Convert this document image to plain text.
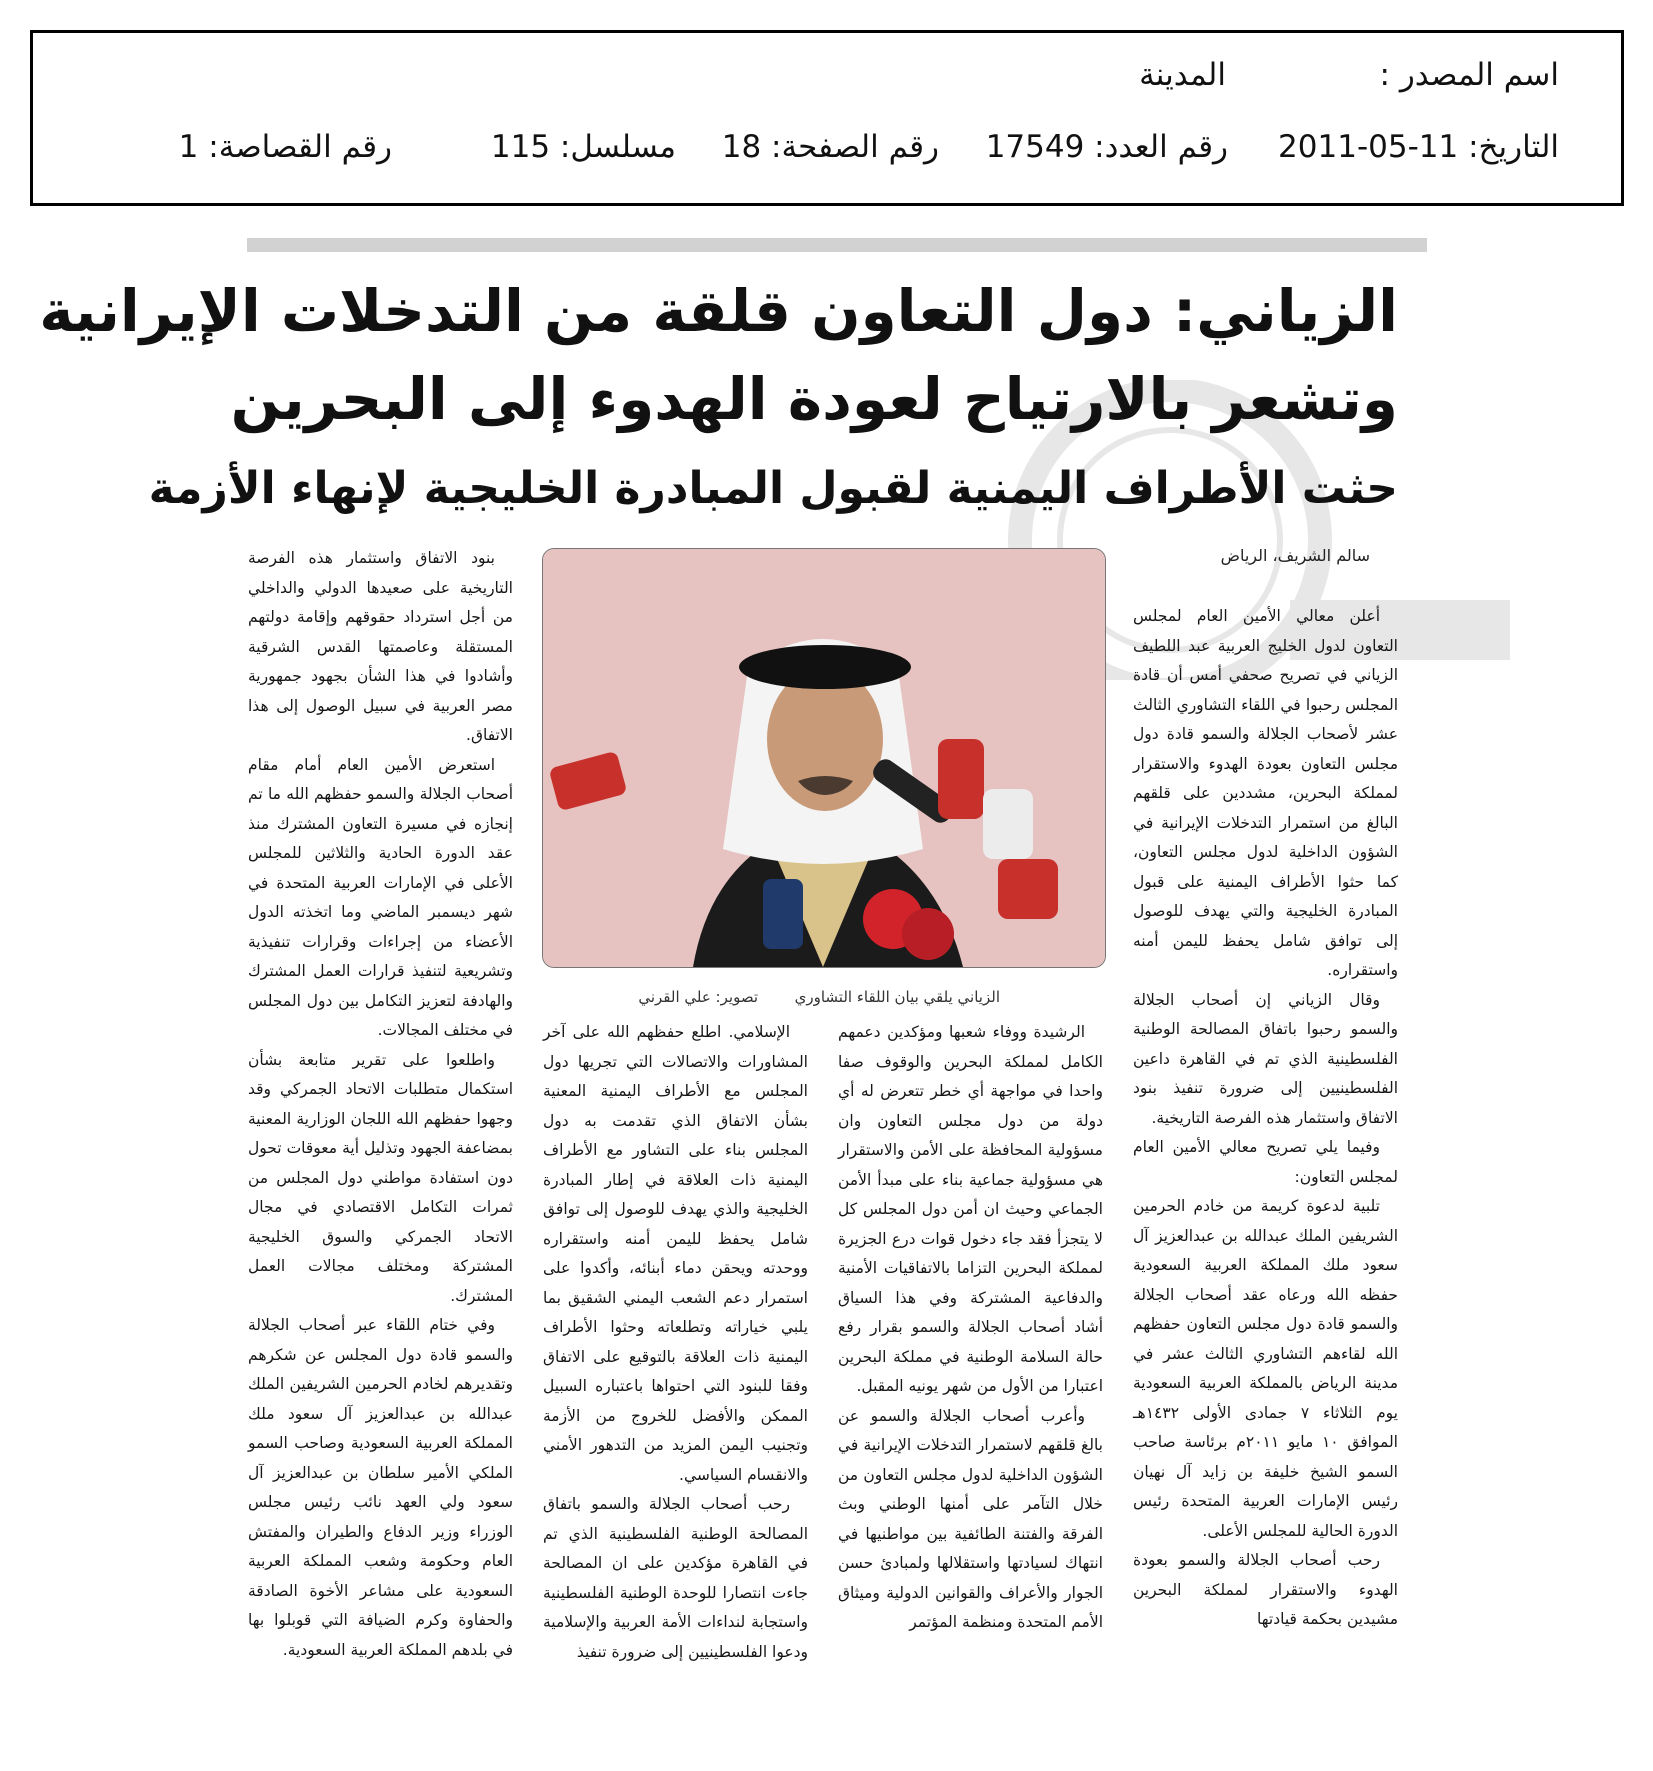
اسم المصدر :
المدينة
التاريخ: 11-05-2011
رقم العدد: 17549
رقم الصفحة: 18
مسلسل: 115
رقم القصاصة: 1
الزياني: دول التعاون قلقة من التدخلات الإيرانية
وتشعر بالارتياح لعودة الهدوء إلى البحرين
حثت الأطراف اليمنية لقبول المبادرة الخليجية لإنهاء الأزمة
سالم الشريف، الرياض
الزياني يلقي بيان اللقاء التشاوري
تصوير: علي القرني

أعلن معالي الأمين العام لمجلس التعاون لدول الخليج العربية عبد اللطيف الزياني في تصريح صحفي أمس أن قادة المجلس رحبوا في اللقاء التشاوري الثالث عشر لأصحاب الجلالة والسمو قادة دول مجلس التعاون بعودة الهدوء والاستقرار لمملكة البحرين، مشددين على قلقهم البالغ من استمرار التدخلات الإيرانية في الشؤون الداخلية لدول مجلس التعاون، كما حثوا الأطراف اليمنية على قبول المبادرة الخليجية والتي يهدف للوصول إلى توافق شامل يحفظ لليمن أمنه واستقراره.

وقال الزياني إن أصحاب الجلالة والسمو رحبوا باتفاق المصالحة الوطنية الفلسطينية الذي تم في القاهرة داعين الفلسطينيين إلى ضرورة تنفيذ بنود الاتفاق واستثمار هذه الفرصة التاريخية.

وفيما يلي تصريح معالي الأمين العام لمجلس التعاون:

تلبية لدعوة كريمة من خادم الحرمين الشريفين الملك عبدالله بن عبدالعزيز آل سعود ملك المملكة العربية السعودية حفظه الله ورعاه عقد أصحاب الجلالة والسمو قادة دول مجلس التعاون حفظهم الله لقاءهم التشاوري الثالث عشر في مدينة الرياض بالمملكة العربية السعودية يوم الثلاثاء ٧ جمادى الأولى ١٤٣٢هـ الموافق ١٠ مايو ٢٠١١م برئاسة صاحب السمو الشيخ خليفة بن زايد آل نهيان رئيس الإمارات العربية المتحدة رئيس الدورة الحالية للمجلس الأعلى.

رحب أصحاب الجلالة والسمو بعودة الهدوء والاستقرار لمملكة البحرين مشيدين بحكمة قيادتها

الرشيدة ووفاء شعبها ومؤكدين دعمهم الكامل لمملكة البحرين والوقوف صفا واحدا في مواجهة أي خطر تتعرض له أي دولة من دول مجلس التعاون وان مسؤولية المحافظة على الأمن والاستقرار هي مسؤولية جماعية بناء على مبدأ الأمن الجماعي وحيث ان أمن دول المجلس كل لا يتجزأ فقد جاء دخول قوات درع الجزيرة لمملكة البحرين التزاما بالاتفاقيات الأمنية والدفاعية المشتركة وفي هذا السياق أشاد أصحاب الجلالة والسمو بقرار رفع حالة السلامة الوطنية في مملكة البحرين اعتبارا من الأول من شهر يونيه المقبل.

وأعرب أصحاب الجلالة والسمو عن بالغ قلقهم لاستمرار التدخلات الإيرانية في الشؤون الداخلية لدول مجلس التعاون من خلال التآمر على أمنها الوطني وبث الفرقة والفتنة الطائفية بين مواطنيها في انتهاك لسيادتها واستقلالها ولمبادئ حسن الجوار والأعراف والقوانين الدولية وميثاق الأمم المتحدة ومنظمة المؤتمر

الإسلامي. اطلع حفظهم الله على آخر المشاورات والاتصالات التي تجريها دول المجلس مع الأطراف اليمنية المعنية بشأن الاتفاق الذي تقدمت به دول المجلس بناء على التشاور مع الأطراف اليمنية ذات العلاقة في إطار المبادرة الخليجية والذي يهدف للوصول إلى توافق شامل يحفظ لليمن أمنه واستقراره ووحدته ويحقن دماء أبنائه، وأكدوا على استمرار دعم الشعب اليمني الشقيق بما يلبي خياراته وتطلعاته وحثوا الأطراف اليمنية ذات العلاقة بالتوقيع على الاتفاق وفقا للبنود التي احتواها باعتباره السبيل الممكن والأفضل للخروج من الأزمة وتجنيب اليمن المزيد من التدهور الأمني والانقسام السياسي.

رحب أصحاب الجلالة والسمو باتفاق المصالحة الوطنية الفلسطينية الذي تم في القاهرة مؤكدين على ان المصالحة جاءت انتصارا للوحدة الوطنية الفلسطينية واستجابة لنداءات الأمة العربية والإسلامية ودعوا الفلسطينيين إلى ضرورة تنفيذ

بنود الاتفاق واستثمار هذه الفرصة التاريخية على صعيدها الدولي والداخلي من أجل استرداد حقوقهم وإقامة دولتهم المستقلة وعاصمتها القدس الشرقية وأشادوا في هذا الشأن بجهود جمهورية مصر العربية في سبيل الوصول إلى هذا الاتفاق.

استعرض الأمين العام أمام مقام أصحاب الجلالة والسمو حفظهم الله ما تم إنجازه في مسيرة التعاون المشترك منذ عقد الدورة الحادية والثلاثين للمجلس الأعلى في الإمارات العربية المتحدة في شهر ديسمبر الماضي وما اتخذته الدول الأعضاء من إجراءات وقرارات تنفيذية وتشريعية لتنفيذ قرارات العمل المشترك والهادفة لتعزيز التكامل بين دول المجلس في مختلف المجالات.

واطلعوا على تقرير متابعة بشأن استكمال متطلبات الاتحاد الجمركي وقد وجهوا حفظهم الله اللجان الوزارية المعنية بمضاعفة الجهود وتذليل أية معوقات تحول دون استفادة مواطني دول المجلس من ثمرات التكامل الاقتصادي في مجال الاتحاد الجمركي والسوق الخليجية المشتركة ومختلف مجالات العمل المشترك.

وفي ختام اللقاء عبر أصحاب الجلالة والسمو قادة دول المجلس عن شكرهم وتقديرهم لخادم الحرمين الشريفين الملك عبدالله بن عبدالعزيز آل سعود ملك المملكة العربية السعودية وصاحب السمو الملكي الأمير سلطان بن عبدالعزيز آل سعود ولي العهد نائب رئيس مجلس الوزراء وزير الدفاع والطيران والمفتش العام وحكومة وشعب المملكة العربية السعودية على مشاعر الأخوة الصادقة والحفاوة وكرم الضيافة التي قوبلوا بها في بلدهم المملكة العربية السعودية.
